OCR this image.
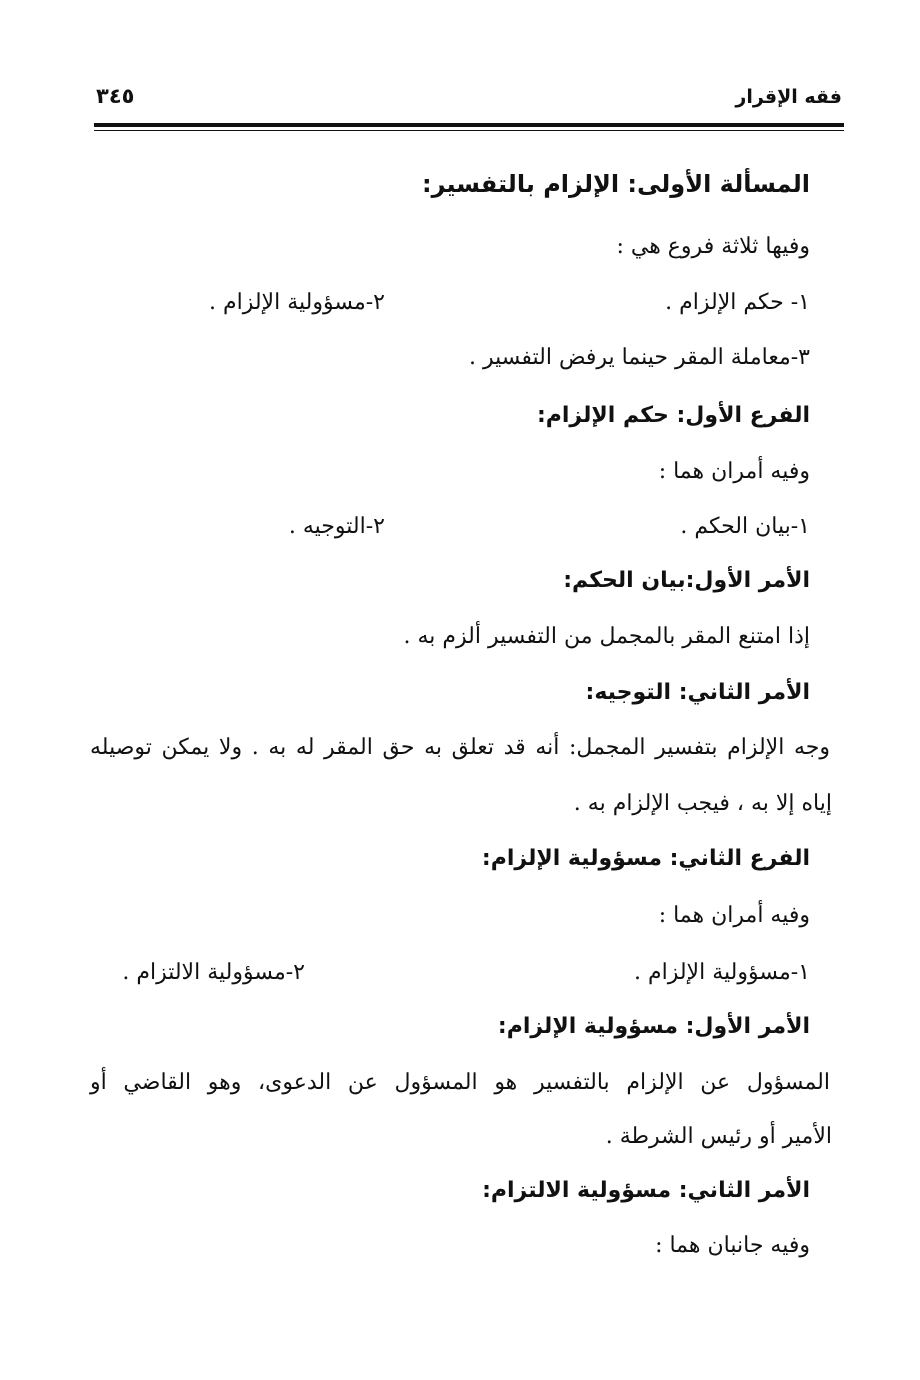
فقه الإقرار
٣٤٥
المسألة الأولى: الإلزام بالتفسير:
وفيها ثلاثة فروع هي :
١- حكم الإلزام .
٢-مسؤولية الإلزام .
٣-معاملة المقر حينما يرفض التفسير .
الفرع الأول: حكم الإلزام:
وفيه أمران هما :
١-بيان الحكم .
٢-التوجيه .
الأمر الأول:بيان الحكم:
إذا امتنع المقر بالمجمل من التفسير ألزم به .
الأمر الثاني: التوجيه:
وجه الإلزام بتفسير المجمل: أنه قد تعلق به حق المقر له به . ولا يمكن توصيله
إياه إلا به ، فيجب الإلزام به .
الفرع الثاني: مسؤولية الإلزام:
وفيه أمران هما :
١-مسؤولية الإلزام .
٢-مسؤولية الالتزام .
الأمر الأول: مسؤولية الإلزام:
المسؤول عن الإلزام بالتفسير هو المسؤول عن الدعوى، وهو القاضي أو
الأمير أو رئيس الشرطة .
الأمر الثاني: مسؤولية الالتزام:
وفيه جانبان هما :
